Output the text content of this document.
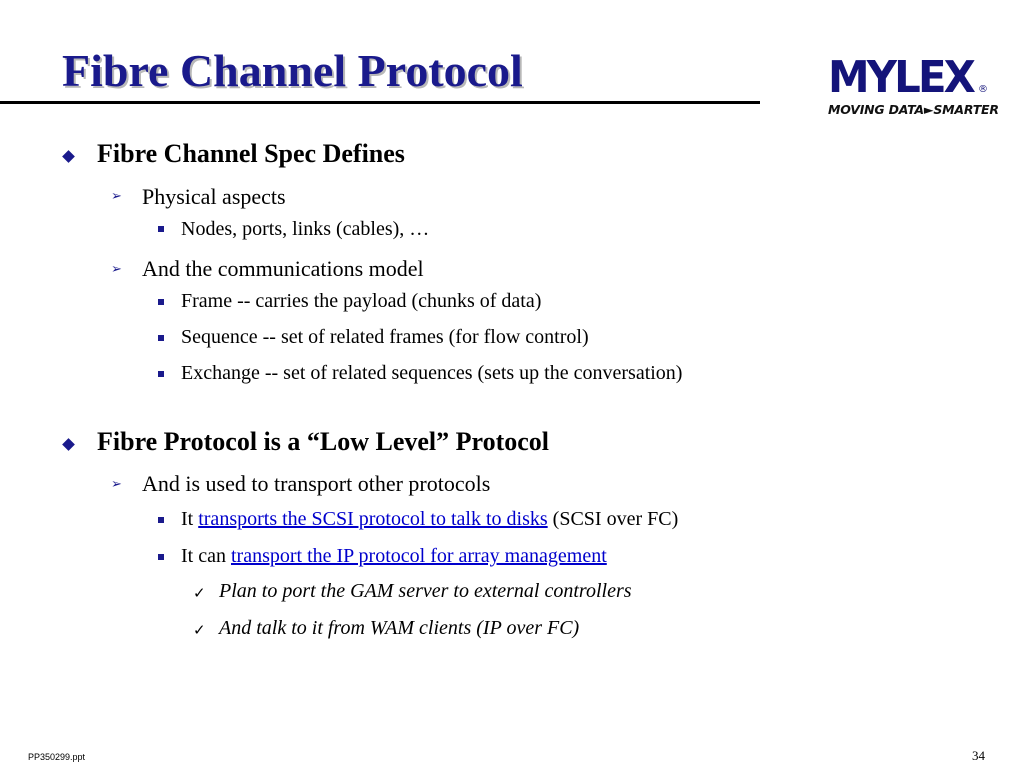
Fibre Channel Protocol	MYLEX ®
MOVING DATA►SMARTER
Fibre Channel Spec Defines
➢ Physical aspects
Nodes, ports, links (cables), …
➢ And the communications model
Frame -- carries the payload (chunks of data)
Sequence -- set of related frames (for flow control)
Exchange -- set of related sequences (sets up the conversation)
Fibre Protocol is a “Low Level” Protocol
➢ And is used to transport other protocols
It transports the SCSI protocol to talk to disks (SCSI over FC)
It can transport the IP protocol for array management
✓ Plan to port the GAM server to external controllers
✓ And talk to it from WAM clients (IP over FC)
PP350299.ppt	34
